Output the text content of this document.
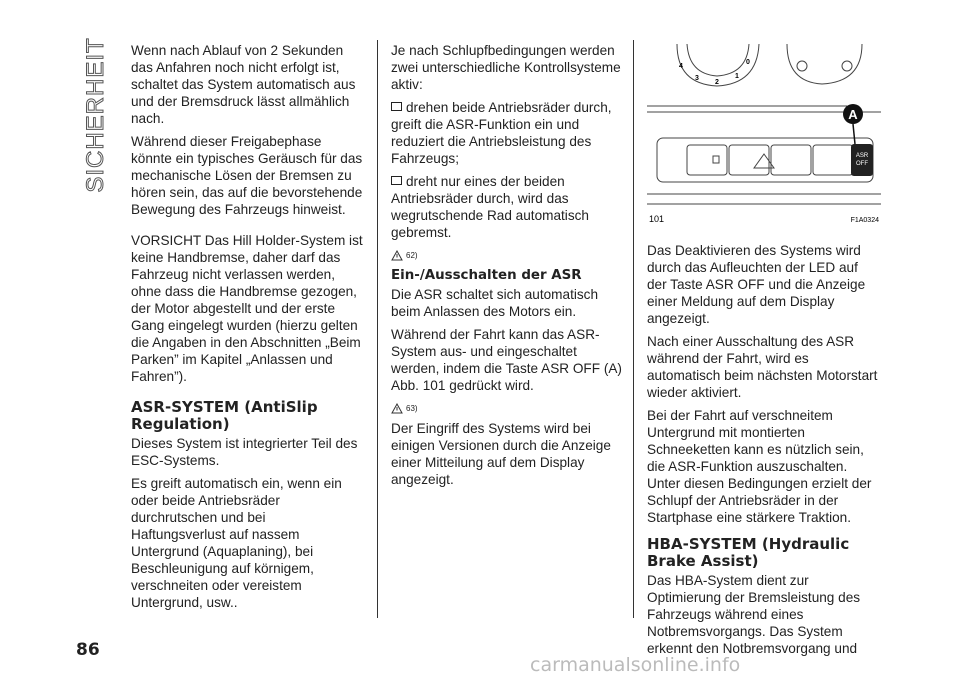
SICHERHEIT Wenn nach Ablauf von 2 Sekunden das Anfahren noch nicht erfolgt ist, schaltet das System automatisch aus und der Bremsdruck lässt allmählich nach.

Während dieser Freigabephase könnte ein typisches Geräusch für das mechanische Lösen der Bremsen zu hören sein, das auf die bevorstehende Bewegung des Fahrzeugs hinweist.

VORSICHT Das Hill Holder-System ist keine Handbremse, daher darf das Fahrzeug nicht verlassen werden, ohne dass die Handbremse gezogen, der Motor abgestellt und der erste Gang eingelegt wurden (hierzu gelten die Angaben in den Abschnitten „Beim Parken” im Kapitel „Anlassen und Fahren”).

ASR-SYSTEM (AntiSlip Regulation)

Dieses System ist integrierter Teil des ESC-Systems.

Es greift automatisch ein, wenn ein oder beide Antriebsräder durchrutschen und bei Haftungsverlust auf nassem Untergrund (Aquaplaning), bei Beschleunigung auf körnigem, verschneiten oder vereistem Untergrund, usw..

Je nach Schlupfbedingungen werden zwei unterschiedliche Kontrollsysteme aktiv:

drehen beide Antriebsräder durch, greift die ASR-Funktion ein und reduziert die Antriebsleistung des Fahrzeugs;

dreht nur eines der beiden Antriebsräder durch, wird das wegrutschende Rad automatisch gebremst.

62)
Ein-/Ausschalten der ASR

Die ASR schaltet sich automatisch beim Anlassen des Motors ein.

Während der Fahrt kann das ASR-System aus- und eingeschaltet werden, indem die Taste ASR OFF (A) Abb. 101 gedrückt wird.

63)

Der Eingriff des Systems wird bei einigen Versionen durch die Anzeige einer Mitteilung auf dem Display angezeigt.

ASR
OFF
A
4
3
2
1
0
101	F1A0324

Das Deaktivieren des Systems wird durch das Aufleuchten der LED auf der Taste ASR OFF und die Anzeige einer Meldung auf dem Display angezeigt.

Nach einer Ausschaltung des ASR während der Fahrt, wird es automatisch beim nächsten Motorstart wieder aktiviert.

Bei der Fahrt auf verschneitem Untergrund mit montierten Schneeketten kann es nützlich sein, die ASR-Funktion auszuschalten. Unter diesen Bedingungen erzielt der Schlupf der Antriebsräder in der Startphase eine stärkere Traktion.

HBA-SYSTEM (Hydraulic Brake Assist)

Das HBA-System dient zur Optimierung der Bremsleistung des Fahrzeugs während eines Notbremsvorgangs. Das System erkennt den Notbremsvorgang und

86
carmanualsonline.info
